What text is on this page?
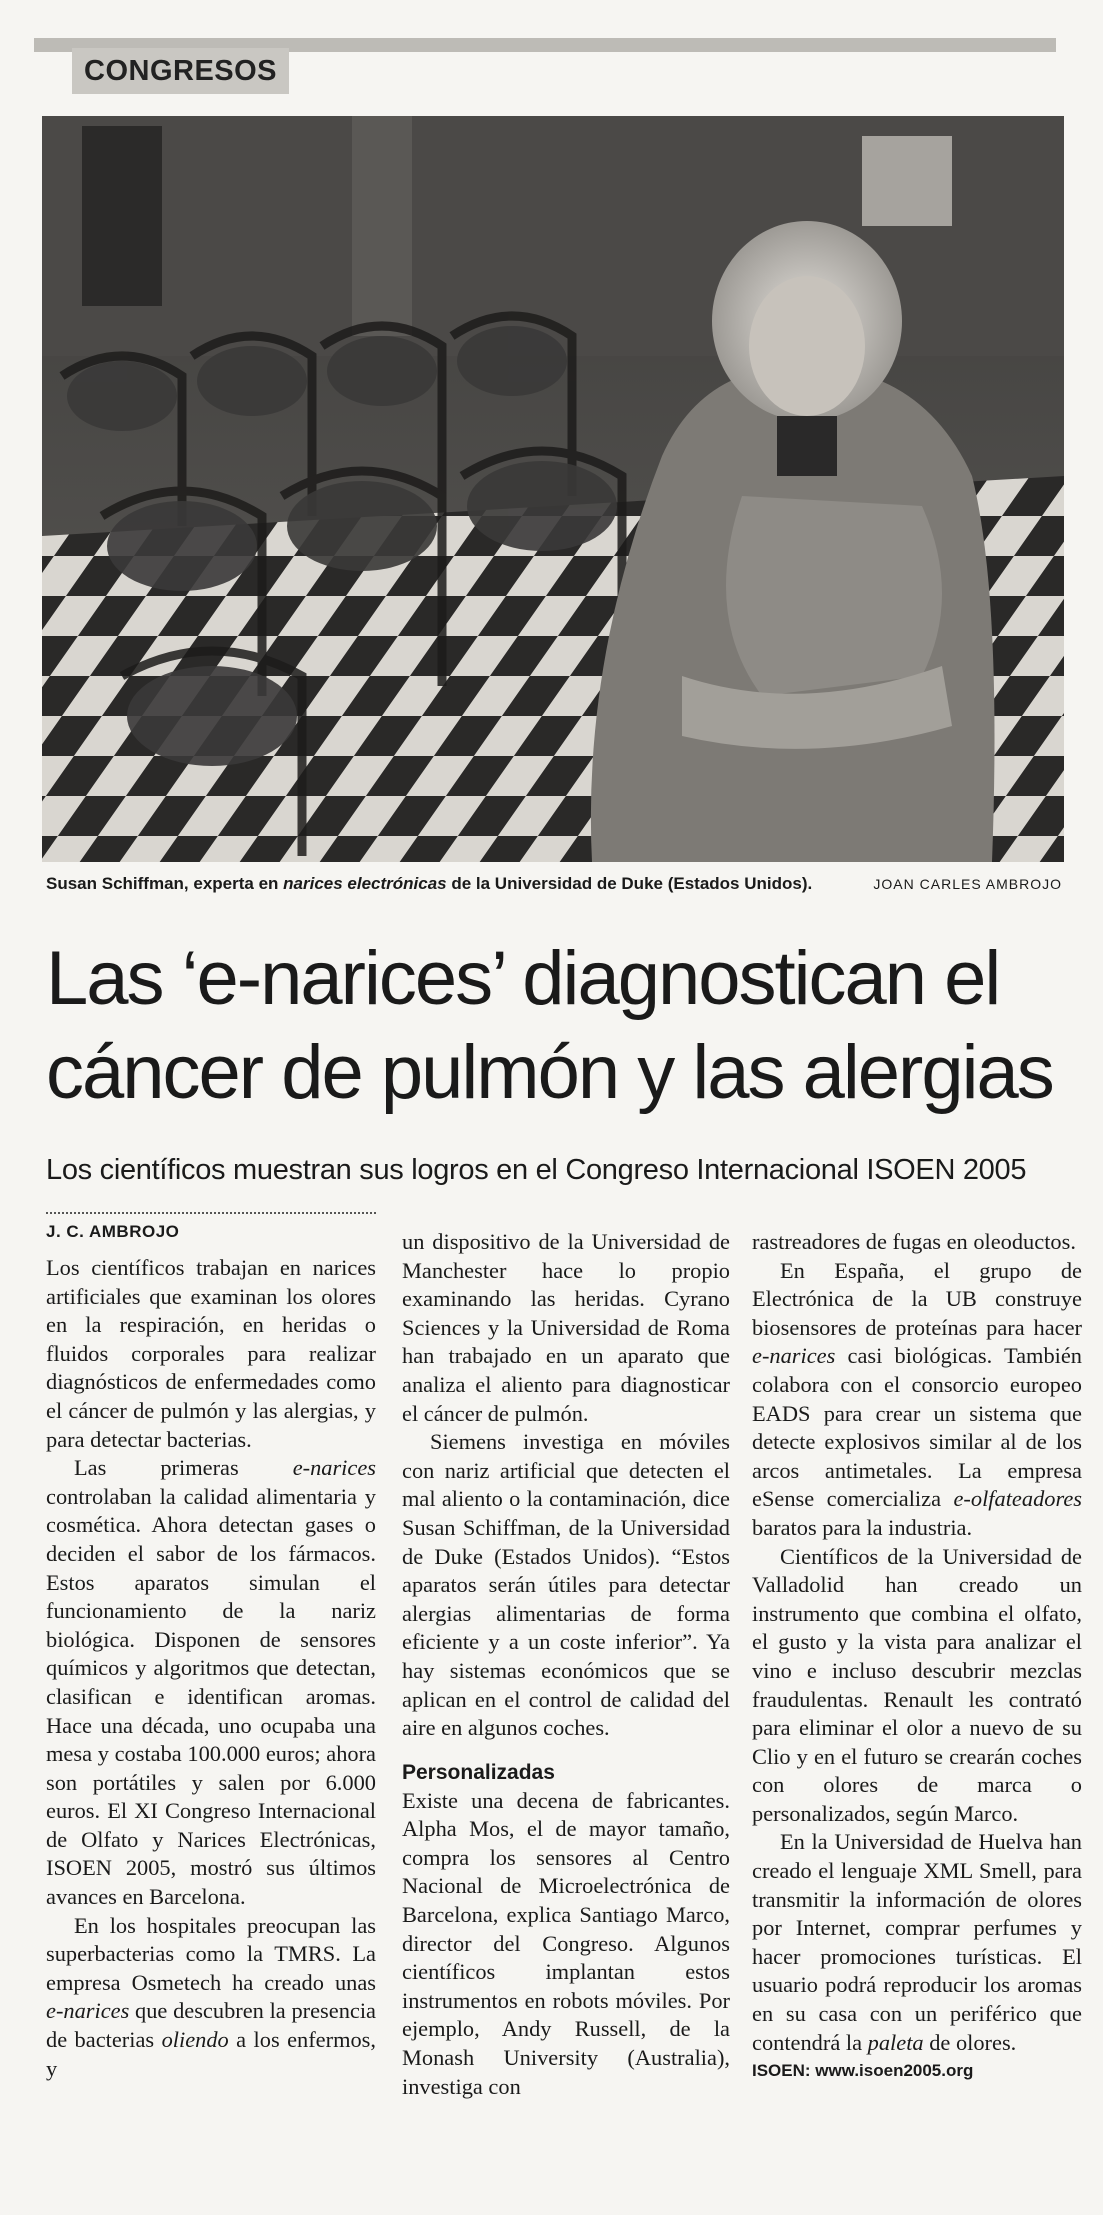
CONGRESOS
Susan Schiffman, experta en narices electrónicas de la Universidad de Duke (Estados Unidos).	JOAN CARLES AMBROJO
Las ‘e-narices’ diagnostican el
cáncer de pulmón y las alergias
Los científicos muestran sus logros en el Congreso Internacional ISOEN 2005
J. C. AMBROJO

Los científicos trabajan en narices artificiales que examinan los olores en la respiración, en heridas o fluidos corporales para realizar diagnósticos de enfermedades como el cáncer de pulmón y las alergias, y para detectar bacterias.

Las primeras e-narices controlaban la calidad alimentaria y cosmética. Ahora detectan gases o deciden el sabor de los fármacos. Estos aparatos simulan el funcionamiento de la nariz biológica. Disponen de sensores químicos y algoritmos que detectan, clasifican e identifican aromas. Hace una década, uno ocupaba una mesa y costaba 100.000 euros; ahora son portátiles y salen por 6.000 euros. El XI Congreso Internacional de Olfato y Narices Electrónicas, ISOEN 2005, mostró sus últimos avances en Barcelona.

En los hospitales preocupan las superbacterias como la TMRS. La empresa Osmetech ha creado unas e-narices que descubren la presencia de bacterias oliendo a los enfermos, y

un dispositivo de la Universidad de Manchester hace lo propio examinando las heridas. Cyrano Sciences y la Universidad de Roma han trabajado en un aparato que analiza el aliento para diagnosticar el cáncer de pulmón.

Siemens investiga en móviles con nariz artificial que detecten el mal aliento o la contaminación, dice Susan Schiffman, de la Universidad de Duke (Estados Unidos). “Estos aparatos serán útiles para detectar alergias alimentarias de forma eficiente y a un coste inferior”. Ya hay sistemas económicos que se aplican en el control de calidad del aire en algunos coches.

Personalizadas

Existe una decena de fabricantes. Alpha Mos, el de mayor tamaño, compra los sensores al Centro Nacional de Microelectrónica de Barcelona, explica Santiago Marco, director del Congreso. Algunos científicos implantan estos instrumentos en robots móviles. Por ejemplo, Andy Russell, de la Monash University (Australia), investiga con

rastreadores de fugas en oleoductos.

En España, el grupo de Electrónica de la UB construye biosensores de proteínas para hacer e-narices casi biológicas. También colabora con el consorcio europeo EADS para crear un sistema que detecte explosivos similar al de los arcos antimetales. La empresa eSense comercializa e-olfateadores baratos para la industria.

Científicos de la Universidad de Valladolid han creado un instrumento que combina el olfato, el gusto y la vista para analizar el vino e incluso descubrir mezclas fraudulentas. Renault les contrató para eliminar el olor a nuevo de su Clio y en el futuro se crearán coches con olores de marca o personalizados, según Marco.

En la Universidad de Huelva han creado el lenguaje XML Smell, para transmitir la información de olores por Internet, comprar perfumes y hacer promociones turísticas. El usuario podrá reproducir los aromas en su casa con un periférico que contendrá la paleta de olores.

ISOEN: www.isoen2005.org
